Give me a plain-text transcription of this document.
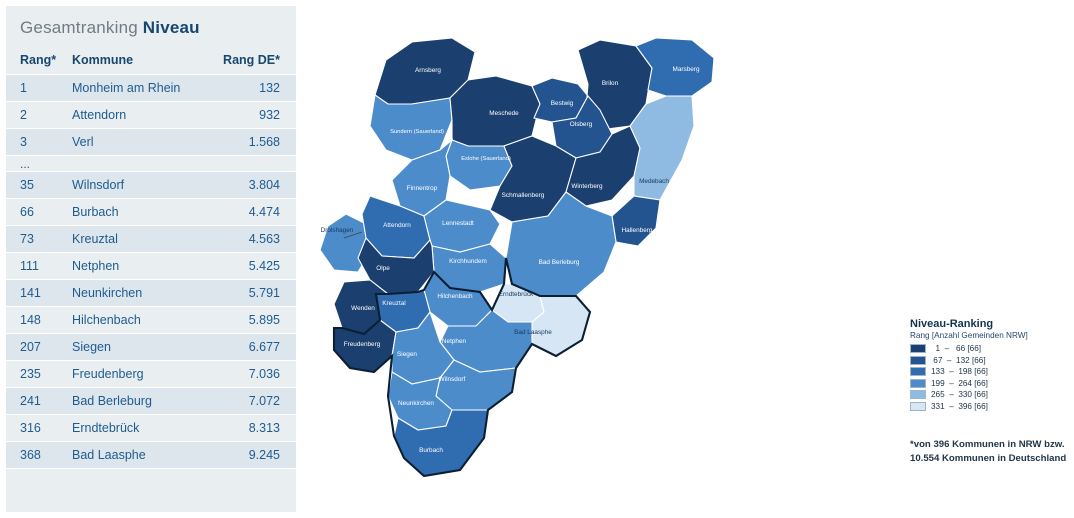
Gesamtranking Niveau
Rang*	Kommune	Rang DE*
1	Monheim am Rhein	132
2	Attendorn	932
3	Verl	1.568
...		
35	Wilnsdorf	3.804
66	Burbach	4.474
73	Kreuztal	4.563
111	Netphen	5.425
141	Neunkirchen	5.791
148	Hilchenbach	5.895
207	Siegen	6.677
235	Freudenberg	7.036
241	Bad Berleburg	7.072
316	Erndtebrück	8.313
368	Bad Laasphe	9.245
Arnsberg
Brilon
Marsberg
Meschede
Bestwig
Olsberg
Sundern (Sauerland)
Eslohe (Sauerland)
Winterberg
Medebach
Finnentrop
Schmallenberg
Hallenberg
Drolshagen
Attendorn	Lennestadt
Kirchhundem	Bad Berleburg
Olpe
Erndtebrück
Kreuztal
Hilchenbach
Wenden
Bad Laasphe
Freudenberg	Netphen
Siegen
Wilnsdorf
Neunkirchen
Burbach
Niveau-Ranking
Rang [Anzahl Gemeinden NRW]
1  –   66 [66]
67  –  132 [66]
133  –  198 [66]
199  –  264 [66]
265  –  330 [66]
331  –  396 [66]
*von 396 Kommunen in NRW bzw.
10.554 Kommunen in Deutschland
